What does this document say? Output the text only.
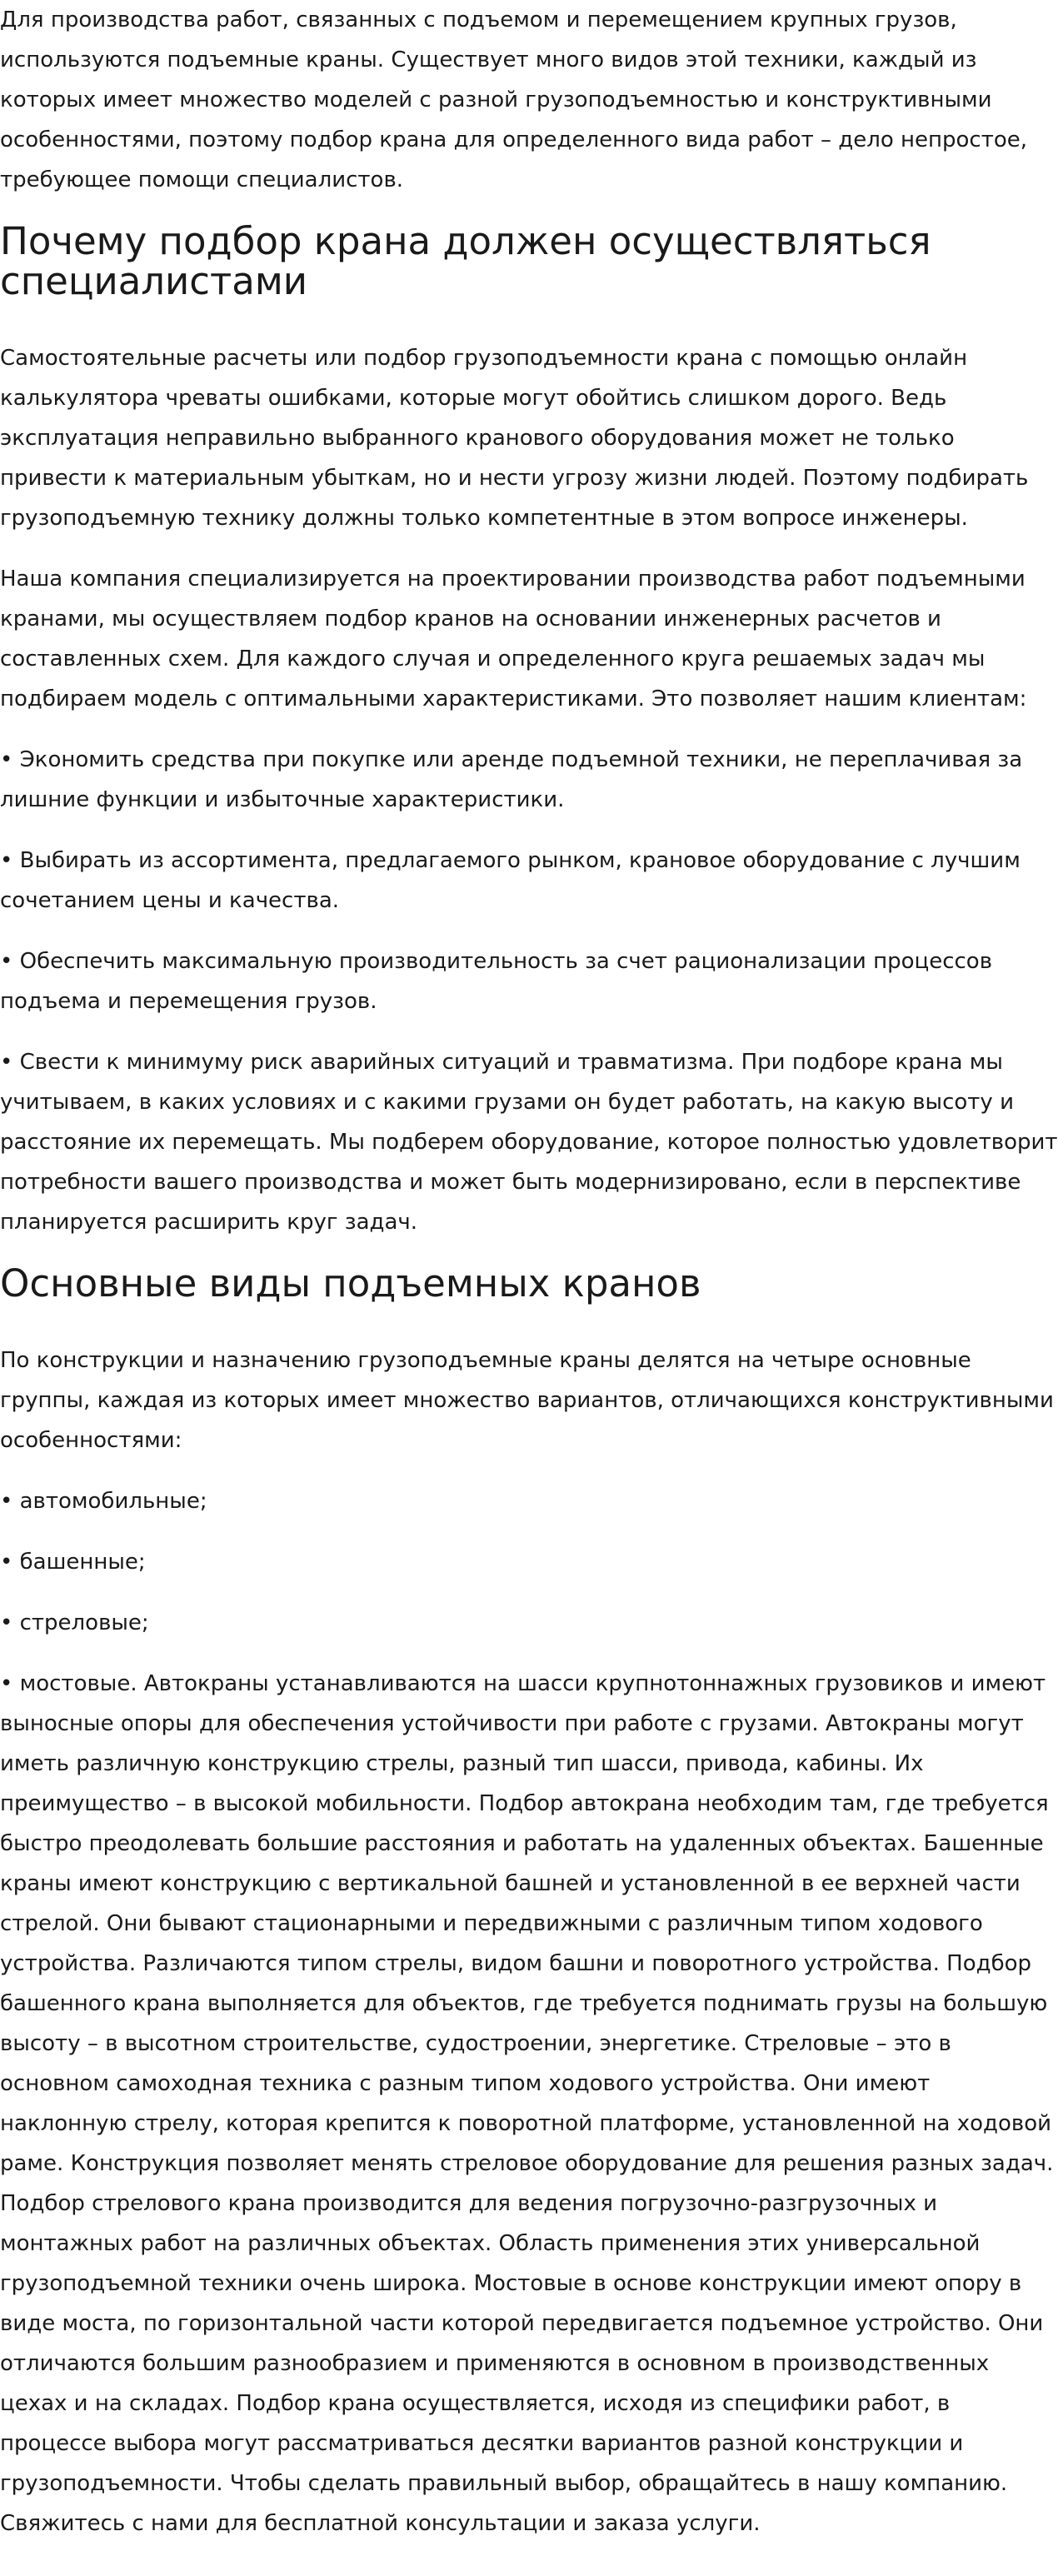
Для производства работ, связанных с подъемом и перемещением крупных грузов, используются подъемные краны. Существует много видов этой техники, каждый из которых имеет множество моделей с разной грузоподъемностью и конструктивными особенностями, поэтому подбор крана для определенного вида работ – дело непростое, требующее помощи специалистов.

Почему подбор крана должен осуществляться специалистами

Самостоятельные расчеты или подбор грузоподъемности крана с помощью онлайн калькулятора чреваты ошибками, которые могут обойтись слишком дорого. Ведь эксплуатация неправильно выбранного кранового оборудования может не только привести к материальным убыткам, но и нести угрозу жизни людей. Поэтому подбирать грузоподъемную технику должны только компетентные в этом вопросе инженеры.

Наша компания специализируется на проектировании производства работ подъемными кранами, мы осуществляем подбор кранов на основании инженерных расчетов и составленных схем. Для каждого случая и определенного круга решаемых задач мы подбираем модель с оптимальными характеристиками. Это позволяет нашим клиентам:

• Экономить средства при покупке или аренде подъемной техники, не переплачивая за лишние функции и избыточные характеристики.

• Выбирать из ассортимента, предлагаемого рынком, крановое оборудование с лучшим сочетанием цены и качества.

• Обеспечить максимальную производительность за счет рационализации процессов подъема и перемещения грузов.

• Свести к минимуму риск аварийных ситуаций и травматизма. При подборе крана мы учитываем, в каких условиях и с какими грузами он будет работать, на какую высоту и расстояние их перемещать. Мы подберем оборудование, которое полностью удовлетворит потребности вашего производства и может быть модернизировано, если в перспективе планируется расширить круг задач.

Основные виды подъемных кранов

По конструкции и назначению грузоподъемные краны делятся на четыре основные группы, каждая из которых имеет множество вариантов, отличающихся конструктивными особенностями:

• автомобильные;

• башенные;

• стреловые;

• мостовые. Автокраны устанавливаются на шасси крупнотоннажных грузовиков и имеют выносные опоры для обеспечения устойчивости при работе с грузами. Автокраны могут иметь различную конструкцию стрелы, разный тип шасси, привода, кабины. Их преимущество – в высокой мобильности. Подбор автокрана необходим там, где требуется быстро преодолевать большие расстояния и работать на удаленных объектах. Башенные краны имеют конструкцию с вертикальной башней и установленной в ее верхней части стрелой. Они бывают стационарными и передвижными с различным типом ходового устройства. Различаются типом стрелы, видом башни и поворотного устройства. Подбор башенного крана выполняется для объектов, где требуется поднимать грузы на большую высоту – в высотном строительстве, судостроении, энергетике. Стреловые – это в основном самоходная техника с разным типом ходового устройства. Они имеют наклонную стрелу, которая крепится к поворотной платформе, установленной на ходовой раме. Конструкция позволяет менять стреловое оборудование для решения разных задач. Подбор стрелового крана производится для ведения погрузочно-разгрузочных и монтажных работ на различных объектах. Область применения этих универсальной грузоподъемной техники очень широка. Мостовые в основе конструкции имеют опору в виде моста, по горизонтальной части которой передвигается подъемное устройство. Они отличаются большим разнообразием и применяются в основном в производственных цехах и на складах. Подбор крана осуществляется, исходя из специфики работ, в процессе выбора могут рассматриваться десятки вариантов разной конструкции и грузоподъемности. Чтобы сделать правильный выбор, обращайтесь в нашу компанию. Свяжитесь с нами для бесплатной консультации и заказа услуги.
